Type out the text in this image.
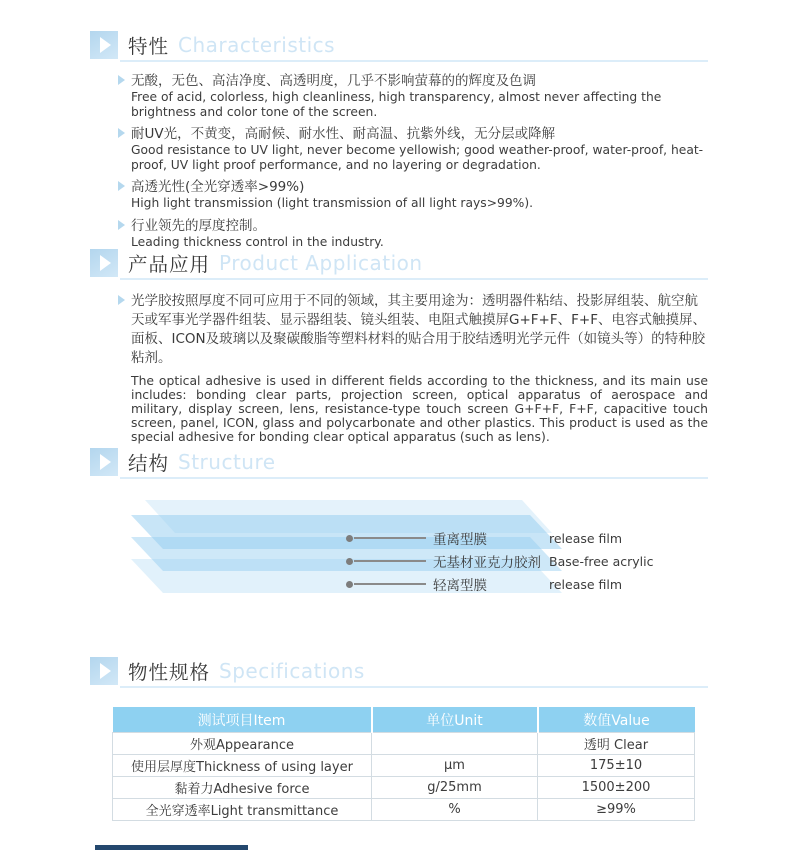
特性 Characteristics
无酸，无色、高洁净度、高透明度，几乎不影响萤幕的的辉度及色调
Free of acid, colorless, high cleanliness, high transparency, almost never affecting the brightness and color tone of the screen.
耐UV光，不黄变，高耐候、耐水性、耐高温、抗紫外线，无分层或降解
Good resistance to UV light, never become yellowish; good weather-proof, water-proof, heat-proof, UV light proof performance, and no layering or degradation.
高透光性(全光穿透率>99%)
High light transmission (light transmission of all light rays>99%).
行业领先的厚度控制。
Leading thickness control in the industry.
产品应用 Product Application
光学胶按照厚度不同可应用于不同的领域，其主要用途为：透明器件粘结、投影屏组装、航空航天或军事光学器件组装、显示器组装、镜头组装、电阻式触摸屏G+F+F、F+F、电容式触摸屏、面板、ICON及玻璃以及聚碳酸脂等塑料材料的贴合用于胶结透明光学元件（如镜头等）的特种胶粘剂。
The optical adhesive is used in different fields according to the thickness, and its main use includes: bonding clear parts, projection screen, optical apparatus of aerospace and military, display screen, lens, resistance-type touch screen G+F+F, F+F, capacitive touch screen, panel, ICON, glass and polycarbonate and other plastics. This product is used as the special adhesive for bonding clear optical apparatus (such as lens).
结构 Structure
重离型膜	release film
无基材亚克力胶剂 Base-free acrylic
轻离型膜	release film
物性规格 Specifications
测试项目Item	单位Unit	数值Value
外观Appearance		透明 Clear
使用层厚度Thickness of using layer	μm	175±10
黏着力Adhesive force	g/25mm	1500±200
全光穿透率Light transmittance	%	≥99%
